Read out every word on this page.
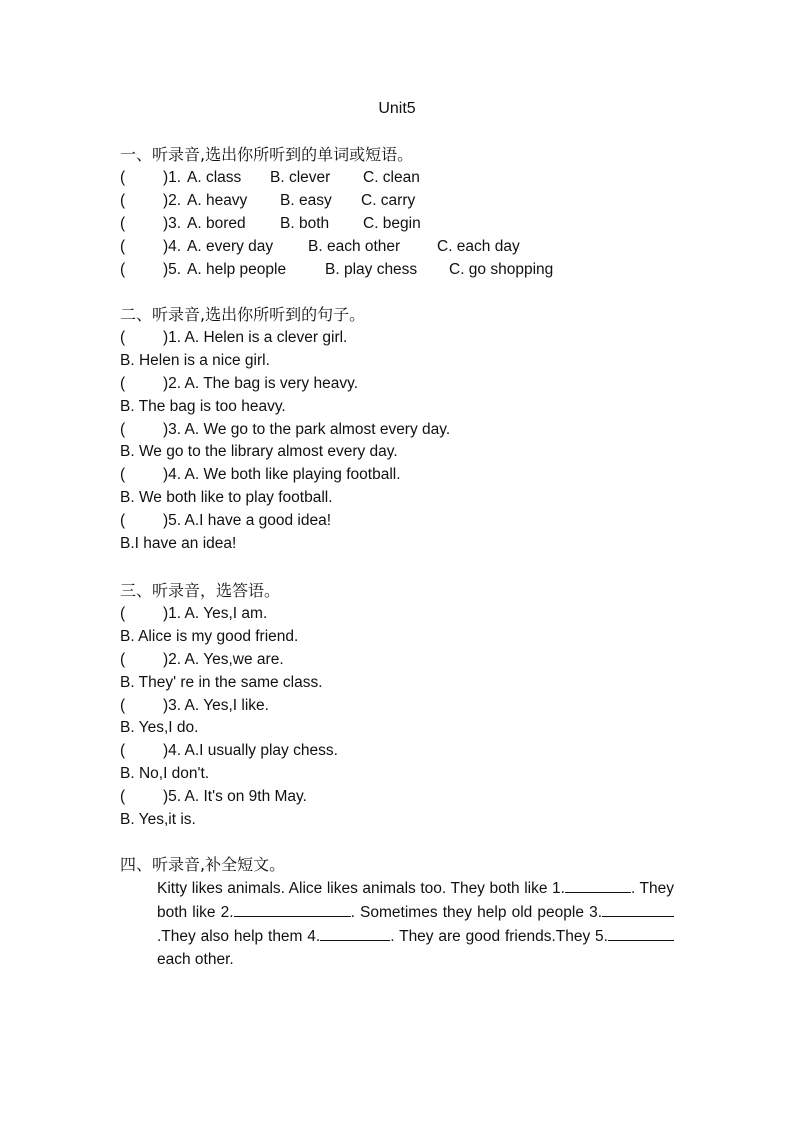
Unit5
一、听录音,选出你所听到的单词或短语。
( )1. A. class B. clever C. clean
( )2. A. heavy B. easy C. carry
( )3. A. bored B. both C. begin
( )4. A. every day B. each other C. each day
( )5. A. help people	B. play chess C. go shopping
二、听录音,选出你所听到的句子。
( )1. A. Helen is a clever girl.
B. Helen is a nice girl.
( )2. A. The bag is very heavy.
B. The bag is too heavy.
( )3. A. We go to the park almost every day.
B. We go to the library almost every day.
( )4. A. We both like playing football.
B. We both like to play football.
( )5. A.I have a good idea!
B.I have an idea!
三、听录音，选答语。
( )1. A. Yes,I am.
B. Alice is my good friend.
( )2. A. Yes,we are.
B. They' re in the same class.
( )3. A. Yes,I like.
B. Yes,I do.
( )4. A.I usually play chess.
B. No,I don't.
( )5. A. It's on 9th May.
B. Yes,it is.
四、听录音,补全短文。

Kitty likes animals. Alice likes animals too. They both like 1.	. They both like 2.	. Sometimes they help old people 3..They also help them 4.	. They are good friends.They 5.each other.
